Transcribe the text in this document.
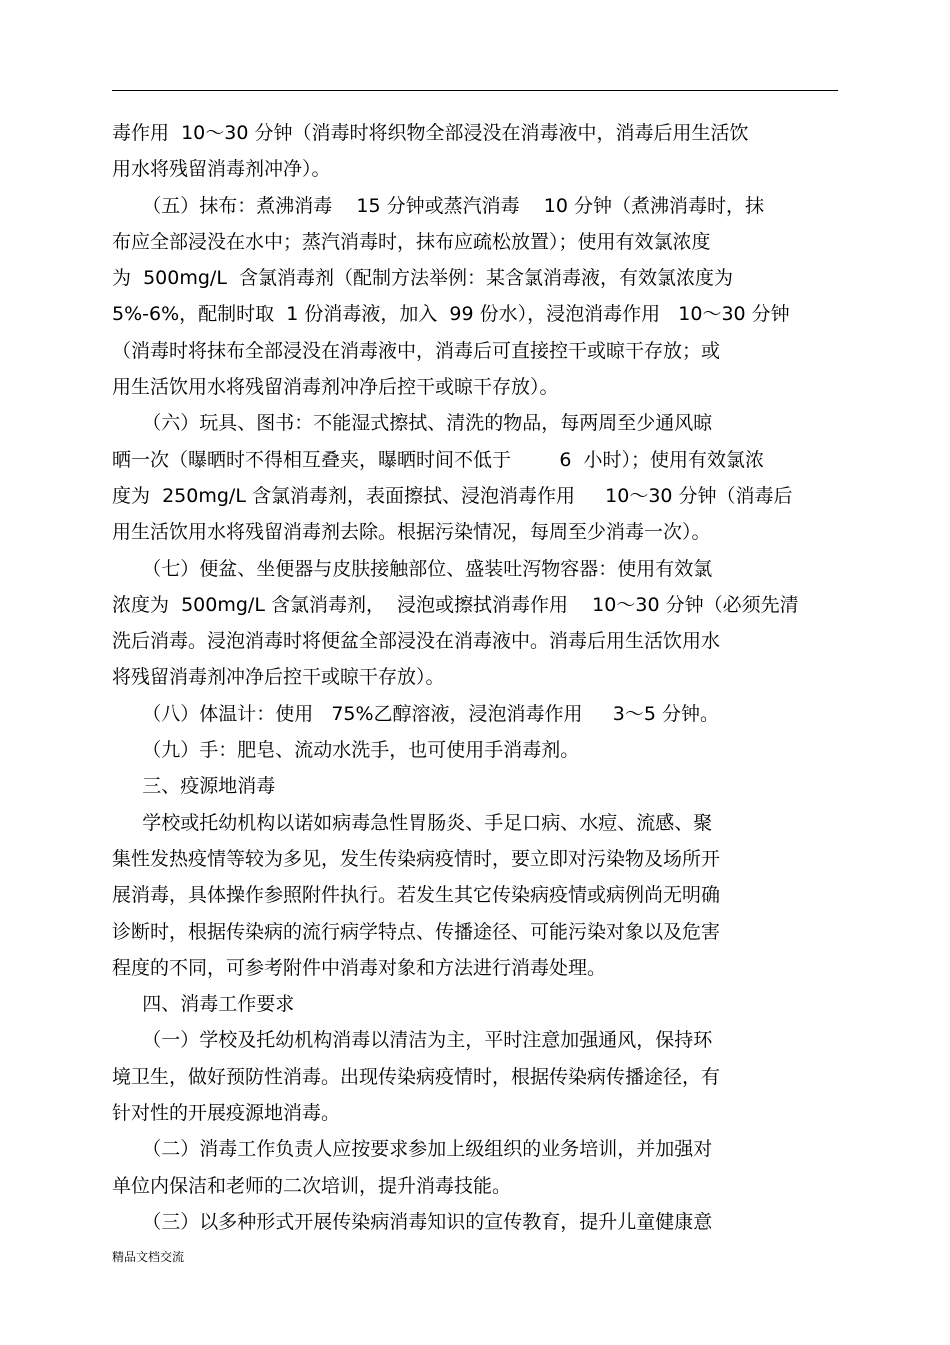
毒作用  10～30 分钟（消毒时将织物全部浸没在消毒液中，消毒后用生活饮
用水将残留消毒剂冲净）。
（五）抹布：煮沸消毒    15 分钟或蒸汽消毒    10 分钟（煮沸消毒时，抹
布应全部浸没在水中；蒸汽消毒时，抹布应疏松放置）；使用有效氯浓度
为  500mg/L  含氯消毒剂（配制方法举例：某含氯消毒液，有效氯浓度为
5%-6%，配制时取  1 份消毒液，加入  99 份水），浸泡消毒作用   10～30 分钟
（消毒时将抹布全部浸没在消毒液中，消毒后可直接控干或晾干存放；或
用生活饮用水将残留消毒剂冲净后控干或晾干存放）。
（六）玩具、图书：不能湿式擦拭、清洗的物品，每两周至少通风晾
晒一次（曝晒时不得相互叠夹，曝晒时间不低于        6  小时）；使用有效氯浓
度为  250mg/L 含氯消毒剂，表面擦拭、浸泡消毒作用     10～30 分钟（消毒后
用生活饮用水将残留消毒剂去除。根据污染情况，每周至少消毒一次）。
（七）便盆、坐便器与皮肤接触部位、盛装吐泻物容器：使用有效氯
浓度为  500mg/L 含氯消毒剂，  浸泡或擦拭消毒作用    10～30 分钟（必须先清
洗后消毒。浸泡消毒时将便盆全部浸没在消毒液中。消毒后用生活饮用水
将残留消毒剂冲净后控干或晾干存放）。
（八）体温计：使用   75%乙醇溶液，浸泡消毒作用     3～5 分钟。
（九）手：肥皂、流动水洗手，也可使用手消毒剂。
三、疫源地消毒
学校或托幼机构以诺如病毒急性胃肠炎、手足口病、水痘、流感、聚
集性发热疫情等较为多见，发生传染病疫情时，要立即对污染物及场所开
展消毒，具体操作参照附件执行。若发生其它传染病疫情或病例尚无明确
诊断时，根据传染病的流行病学特点、传播途径、可能污染对象以及危害
程度的不同，可参考附件中消毒对象和方法进行消毒处理。
四、消毒工作要求
（一）学校及托幼机构消毒以清洁为主，平时注意加强通风，保持环
境卫生，做好预防性消毒。出现传染病疫情时，根据传染病传播途径，有
针对性的开展疫源地消毒。
（二）消毒工作负责人应按要求参加上级组织的业务培训，并加强对
单位内保洁和老师的二次培训，提升消毒技能。
（三）以多种形式开展传染病消毒知识的宣传教育，提升儿童健康意
精品文档交流
